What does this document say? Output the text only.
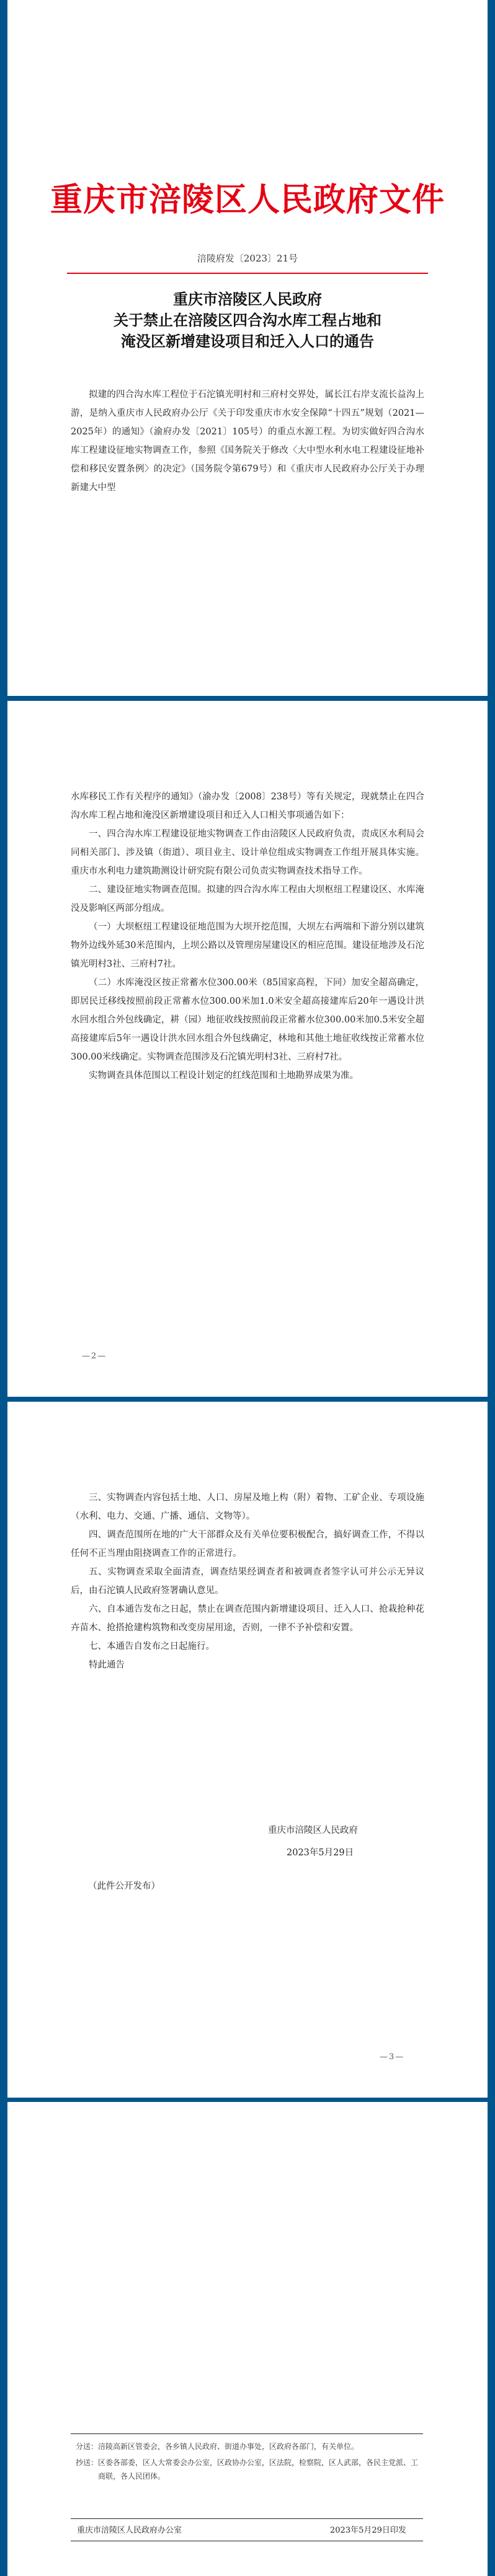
重庆市涪陵区人民政府文件
涪陵府发〔2023〕21号
重庆市涪陵区人民政府
关于禁止在涪陵区四合沟水库工程占地和
淹没区新增建设项目和迁入人口的通告

拟建的四合沟水库工程位于石沱镇光明村和三府村交界处，属长江右岸支流长益沟上游，是纳入重庆市人民政府办公厅《关于印发重庆市水安全保障“十四五”规划（2021—2025年）的通知》（渝府办发〔2021〕105号）的重点水源工程。为切实做好四合沟水库工程建设征地实物调查工作，参照《国务院关于修改〈大中型水利水电工程建设征地补偿和移民安置条例〉的决定》（国务院令第679号）和《重庆市人民政府办公厅关于办理新建大中型

水库移民工作有关程序的通知》（渝办发〔2008〕238号）等有关规定，现就禁止在四合沟水库工程占地和淹没区新增建设项目和迁入人口相关事项通告如下：

一、四合沟水库工程建设征地实物调查工作由涪陵区人民政府负责，责成区水利局会同相关部门、涉及镇（街道）、项目业主、设计单位组成实物调查工作组开展具体实施。重庆市水利电力建筑勘测设计研究院有限公司负责实物调查技术指导工作。

二、建设征地实物调查范围。拟建的四合沟水库工程由大坝枢纽工程建设区、水库淹没及影响区两部分组成。

（一）大坝枢纽工程建设征地范围为大坝开挖范围，大坝左右两端和下游分别以建筑物外边线外延30米范围内，上坝公路以及管理房屋建设区的相应范围。建设征地涉及石沱镇光明村3社、三府村7社。

（二）水库淹没区按正常蓄水位300.00米（85国家高程，下同）加安全超高确定，即居民迁移线按照前段正常蓄水位300.00米加1.0米安全超高接建库后20年一遇设计洪水回水组合外包线确定，耕（园）地征收线按照前段正常蓄水位300.00米加0.5米安全超高接建库后5年一遇设计洪水回水组合外包线确定，林地和其他土地征收线按正常蓄水位300.00米线确定。实物调查范围涉及石沱镇光明村3社、三府村7社。

实物调查具体范围以工程设计划定的红线范围和土地勘界成果为准。

—2—

三、实物调查内容包括土地、人口、房屋及地上构（附）着物、工矿企业、专项设施（水利、电力、交通、广播、通信、文物等）。

四、调查范围所在地的广大干部群众及有关单位要积极配合，搞好调查工作，不得以任何不正当理由阻挠调查工作的正常进行。

五、实物调查采取全面清查，调查结果经调查者和被调查者签字认可并公示无异议后，由石沱镇人民政府签署确认意见。

六、自本通告发布之日起，禁止在调查范围内新增建设项目、迁入人口、抢栽抢种花卉苗木、抢搭抢建构筑物和改变房屋用途，否则，一律不予补偿和安置。

七、本通告自发布之日起施行。

特此通告

重庆市涪陵区人民政府
2023年5月29日
（此件公开发布）
—3—
分送： 涪陵高新区管委会，各乡镇人民政府、街道办事处，区政府各部门，有关单位。
抄送： 区委各部委，区人大常委会办公室，区政协办公室，区法院，检察院，区人武部，各民主党派、工商联，各人民团体。
重庆市涪陵区人民政府办公室	2023年5月29日印发
